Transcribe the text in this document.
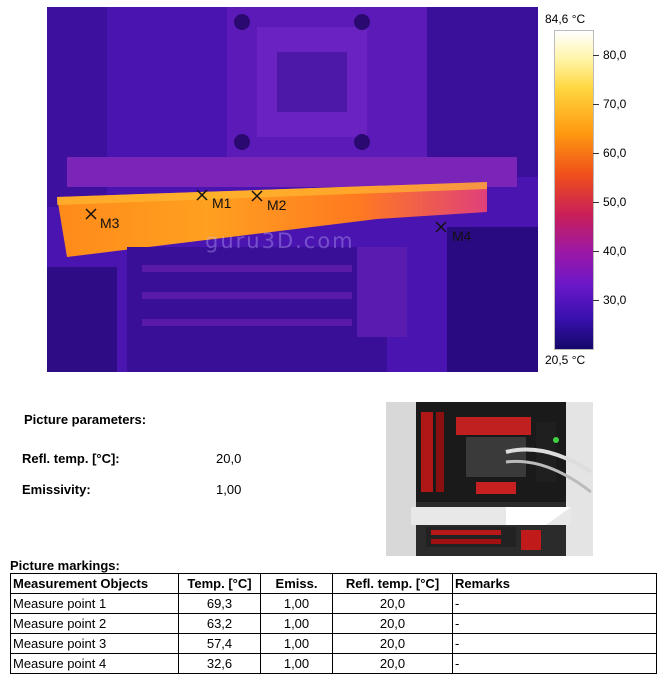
M1	M2
M3
M4
guru3D.com
84,6 °C
20,5 °C
80,0
70,0
60,0
50,0
40,0
30,0
Picture parameters:
Refl. temp. [°C]:	20,0
Emissivity:	1,00
Picture markings:
Measurement Objects	Temp. [°C]	Emiss.	Refl. temp. [°C]	Remarks
Measure point 1	69,3	1,00	20,0	-
Measure point 2	63,2	1,00	20,0	-
Measure point 3	57,4	1,00	20,0	-
Measure point 4	32,6	1,00	20,0	-
